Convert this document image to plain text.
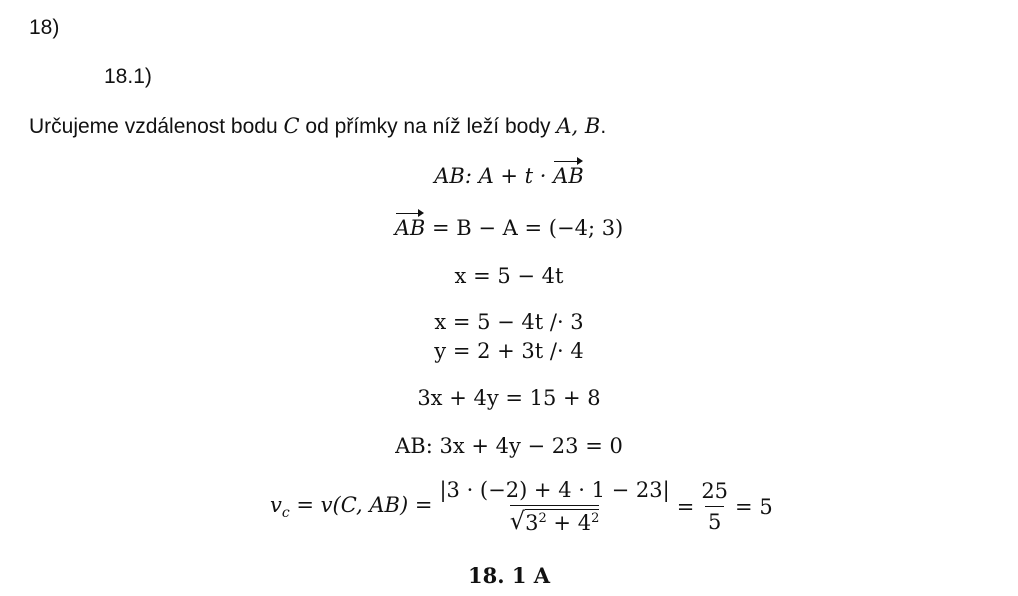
18)
18.1)
Určujeme vzdálenost bodu C od přímky na níž leží body A, B.
AB: A + t · AB
AB = B − A = (−4; 3)
x = 5 − 4t
x = 5 − 4t /· 3
y = 2 + 3t /· 4
3x + 4y = 15 + 8
AB: 3x + 4y − 23 = 0
$v_c = v(C$, AB) =
|3 · (−2) + 4 · 1 − 23|
√ $3^2 + 4^2$	= $\frac{25}{5} = 5$
18. 1 A
